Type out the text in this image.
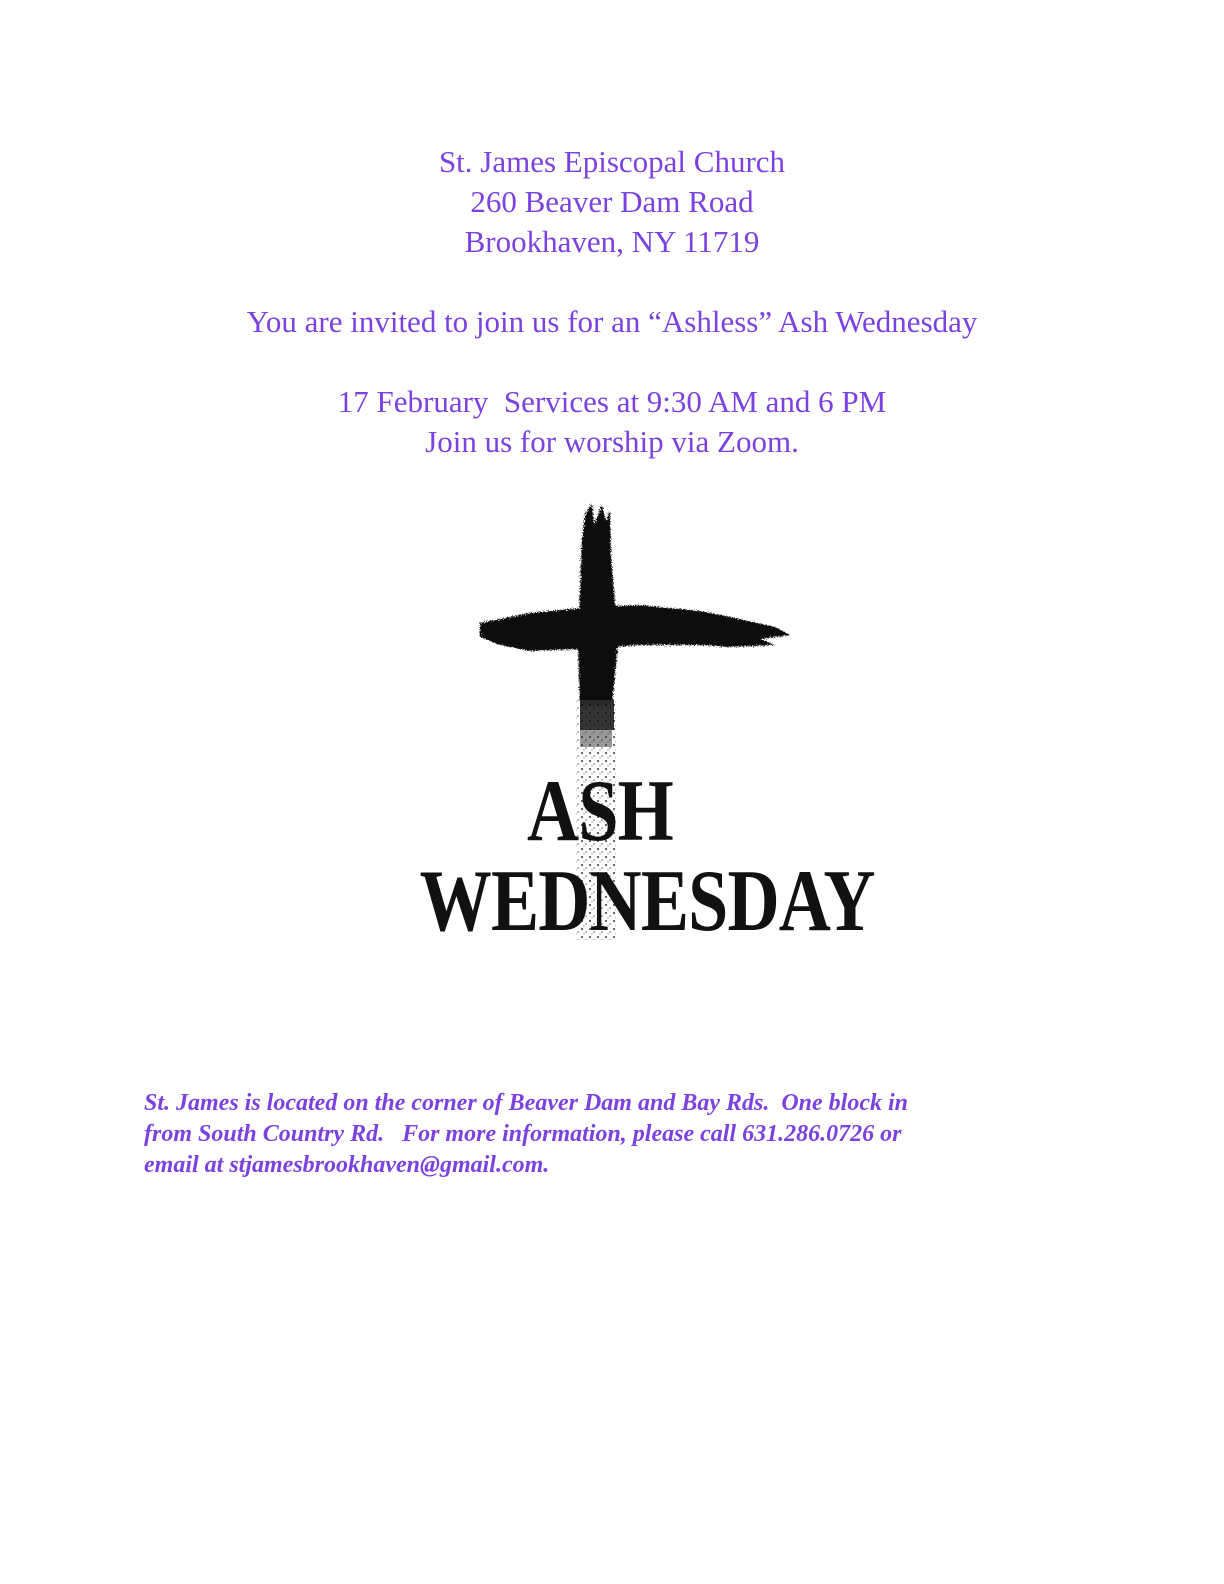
St. James Episcopal Church
260 Beaver Dam Road
Brookhaven, NY 11719
You are invited to join us for an “Ashless” Ash Wednesday
17 February  Services at 9:30 AM and 6 PM
Join us for worship via Zoom.
ASH
WEDNESDAY
St. James is located on the corner of Beaver Dam and Bay Rds.  One block in
from South Country Rd.   For more information, please call 631.286.0726 or
email at stjamesbrookhaven@gmail.com.
